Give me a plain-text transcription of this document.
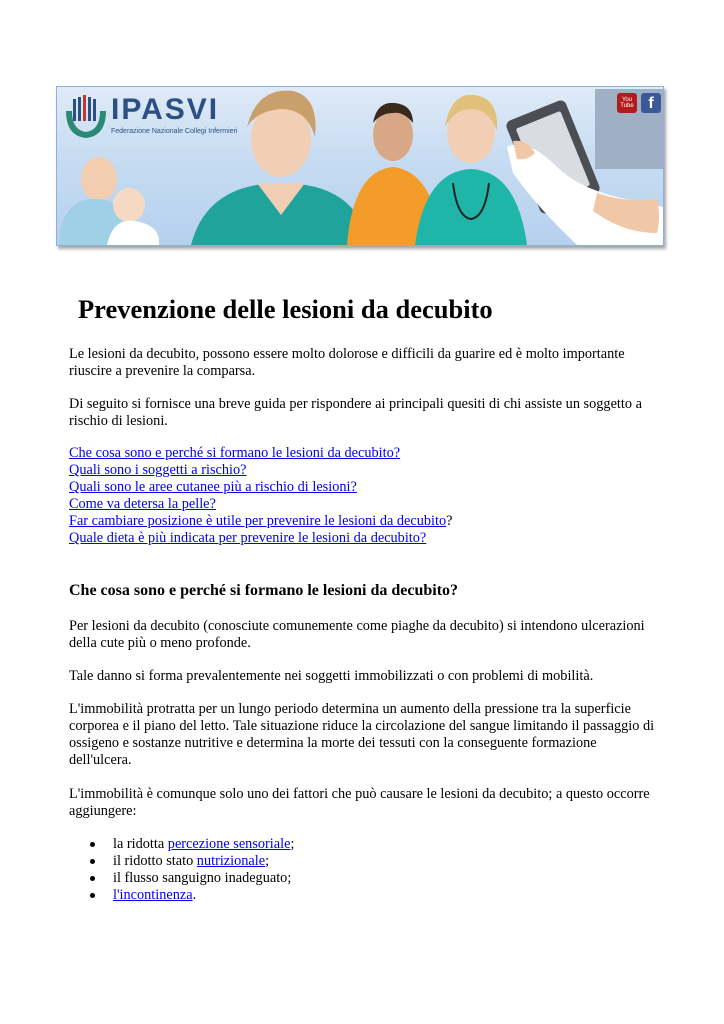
IPASVI
Federazione Nazionale Collegi Infermieri
You Tube f
Prevenzione delle lesioni da decubito

Le lesioni da decubito, possono essere molto dolorose e difficili da guarire ed è molto importante riuscire a prevenire la comparsa.

Di seguito si fornisce una breve guida per rispondere ai principali quesiti di chi assiste un soggetto a rischio di lesioni.

Che cosa sono e perché si formano le lesioni da decubito?
Quali sono i soggetti a rischio?
Quali sono le aree cutanee più a rischio di lesioni?
Come va detersa la pelle?
Far cambiare posizione è utile per prevenire le lesioni da decubito?
Quale dieta è più indicata per prevenire le lesioni da decubito?
Che cosa sono e perché si formano le lesioni da decubito?

Per lesioni da decubito (conosciute comunemente come piaghe da decubito) si intendono ulcerazioni della cute più o meno profonde.

Tale danno si forma prevalentemente nei soggetti immobilizzati o con problemi di mobilità.

L'immobilità protratta per un lungo periodo determina un aumento della pressione tra la superficie corporea e il piano del letto. Tale situazione riduce la circolazione del sangue limitando il passaggio di ossigeno e sostanze nutritive e determina la morte dei tessuti con la conseguente formazione dell'ulcera.

L'immobilità è comunque solo uno dei fattori che può causare le lesioni da decubito; a questo occorre aggiungere:

la ridotta percezione sensoriale;
il ridotto stato nutrizionale;
il flusso sanguigno inadeguato;
l'incontinenza.
